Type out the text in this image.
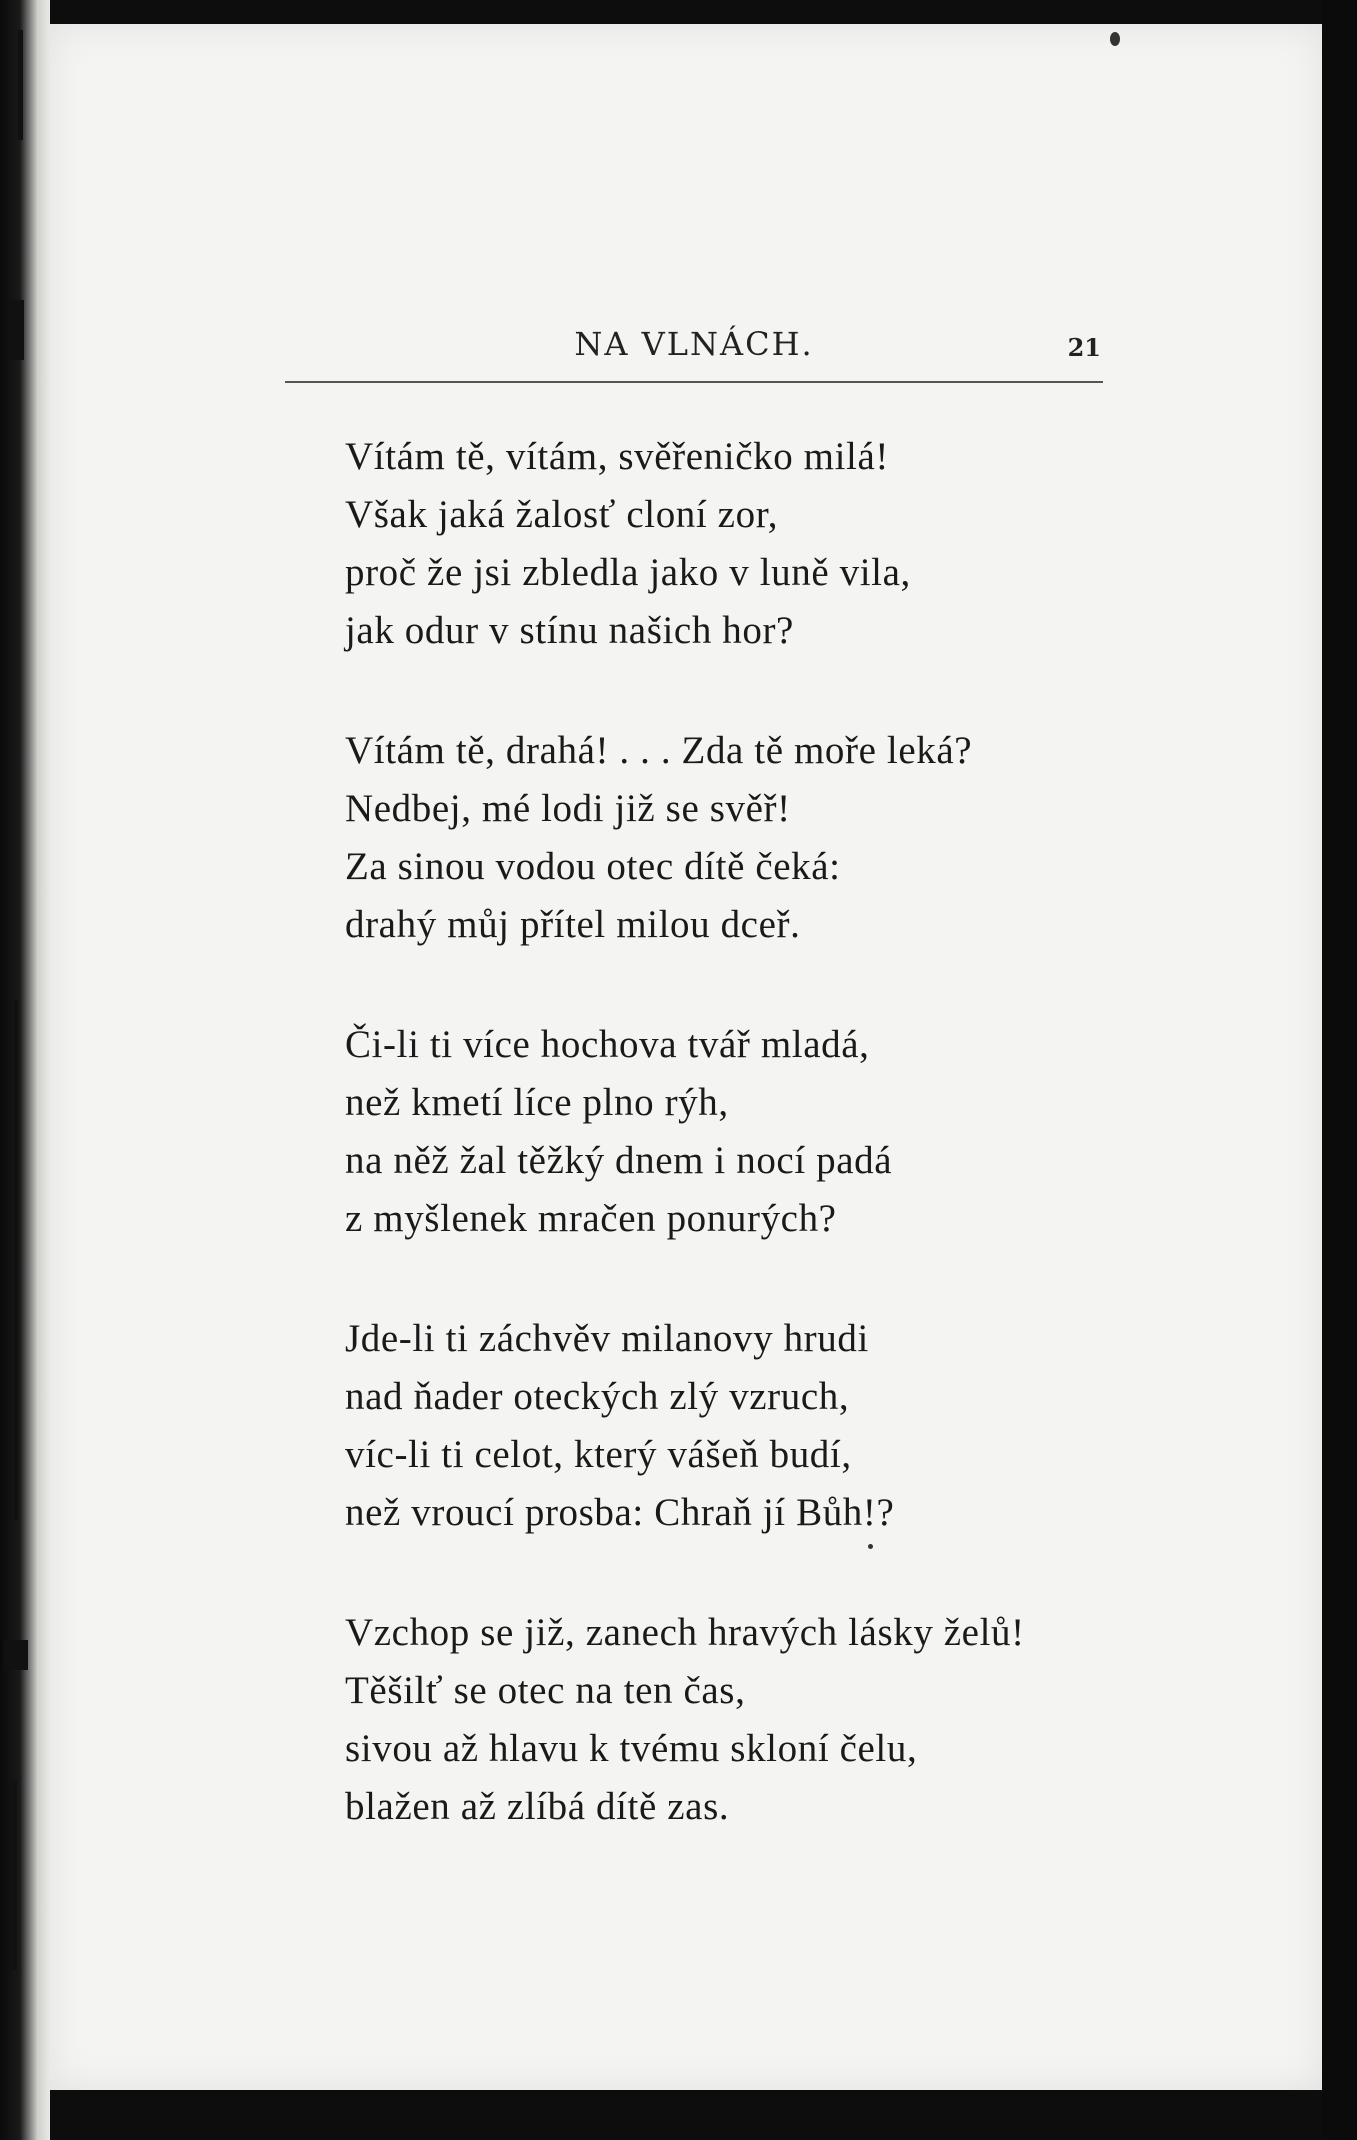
NA VLNÁCH.	21
Vítám tě, vítám, svěřeničko milá!
Však jaká žalosť cloní zor,
proč že jsi zbledla jako v luně vila,
jak odur v stínu našich hor?
Vítám tě, drahá! . . . Zda tě moře leká?
Nedbej, mé lodi již se svěř!
Za sinou vodou otec dítě čeká:
drahý můj přítel milou dceř.
Či-li ti více hochova tvář mladá,
než kmetí líce plno rýh,
na něž žal těžký dnem i nocí padá
z myšlenek mračen ponurých?
Jde-li ti záchvěv milanovy hrudi
nad ňader oteckých zlý vzruch,
víc-li ti celot, který vášeň budí,
než vroucí prosba: Chraň jí Bůh!?
Vzchop se již, zanech hravých lásky želů!
Těšilť se otec na ten čas,
sivou až hlavu k tvému skloní čelu,
blažen až zlíbá dítě zas.
